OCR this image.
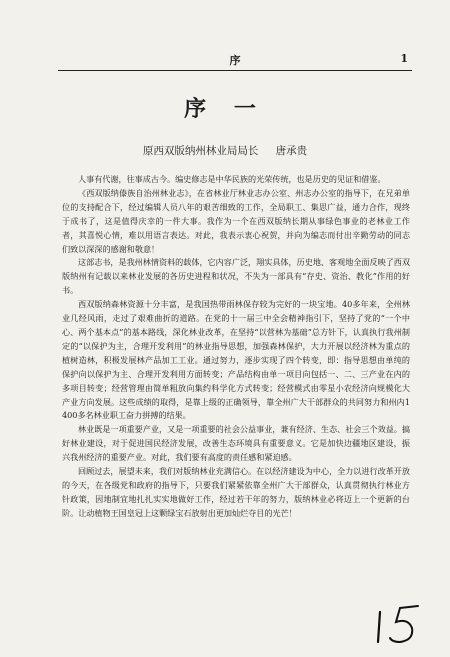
序	1
序 一
原西双版纳州林业局局长 唐承贵

人事有代谢，往事成古今。编史修志是中华民族的光荣传统，也是历史的见证和借鉴。

《西双版纳傣族自治州林业志》，在省林业厅林业志办公室、州志办公室的指导下，在兄弟单位的支持配合下，经过编辑人员八年的艰苦细致的工作，全局职工、集思广益，通力合作，现终于成书了，这是值得庆幸的一件大事。我作为一个在西双版纳长期从事绿色事业的老林业工作者，其喜悦心情，难以用语言表达。对此，我表示衷心祝贺，并向为编志而付出辛勤劳动的同志们致以深深的感谢和敬意！

这部志书，是我州林情资料的载体，它内容广泛，翔实具体，历史地、客观地全面反映了西双版纳州有记载以来林业发展的各历史进程和状况，不失为一部具有“存史、资治、教化”作用的好书。

西双版纳森林资源十分丰富，是我国热带雨林保存较为完好的一块宝地。40多年来，全州林业几经风雨，走过了艰难曲折的道路。在党的十一届三中全会精神指引下，坚持了党的“一个中心、两个基本点”的基本路线，深化林业改革，在坚持“以营林为基础”总方针下，认真执行我州制定的“以保护为主，合理开发利用”的林业指导思想，加强森林保护，大力开展以经济林为重点的植树造林，积极发展林产品加工工业。通过努力，逐步实现了四个转变，即：指导思想由单纯的保护向以保护为主、合理开发利用方面转变；产品结构由单一项目向包括一、二、三产业在内的多项目转变；经营管理由简单粗放向集约科学化方式转变；经营模式由零星小农经济向规模化大产业方向发展。这些成绩的取得，是靠上级的正确领导，靠全州广大干部群众的共同努力和州内1400多名林业职工奋力拼搏的结果。

林业既是一项重要产业，又是一项重要的社会公益事业，兼有经济、生态、社会三个效益。搞好林业建设，对于促进国民经济发展，改善生态环境具有重要意义。它是加快边疆地区建设，振兴我州经济的重要产业。对此，我们要有高度的责任感和紧迫感。

回顾过去，展望未来，我们对版纳林业充满信心。在以经济建设为中心，全力以进行改革开放的今天，在各级党和政府的指导下，只要我们紧紧依靠全州广大干部群众，认真贯彻执行林业方针政策，因地制宜地扎扎实实地做好工作，经过若干年的努力，版纳林业必将迈上一个更新的台阶。让动植物王国皇冠上这颗绿宝石放射出更加灿烂夺目的光芒！
